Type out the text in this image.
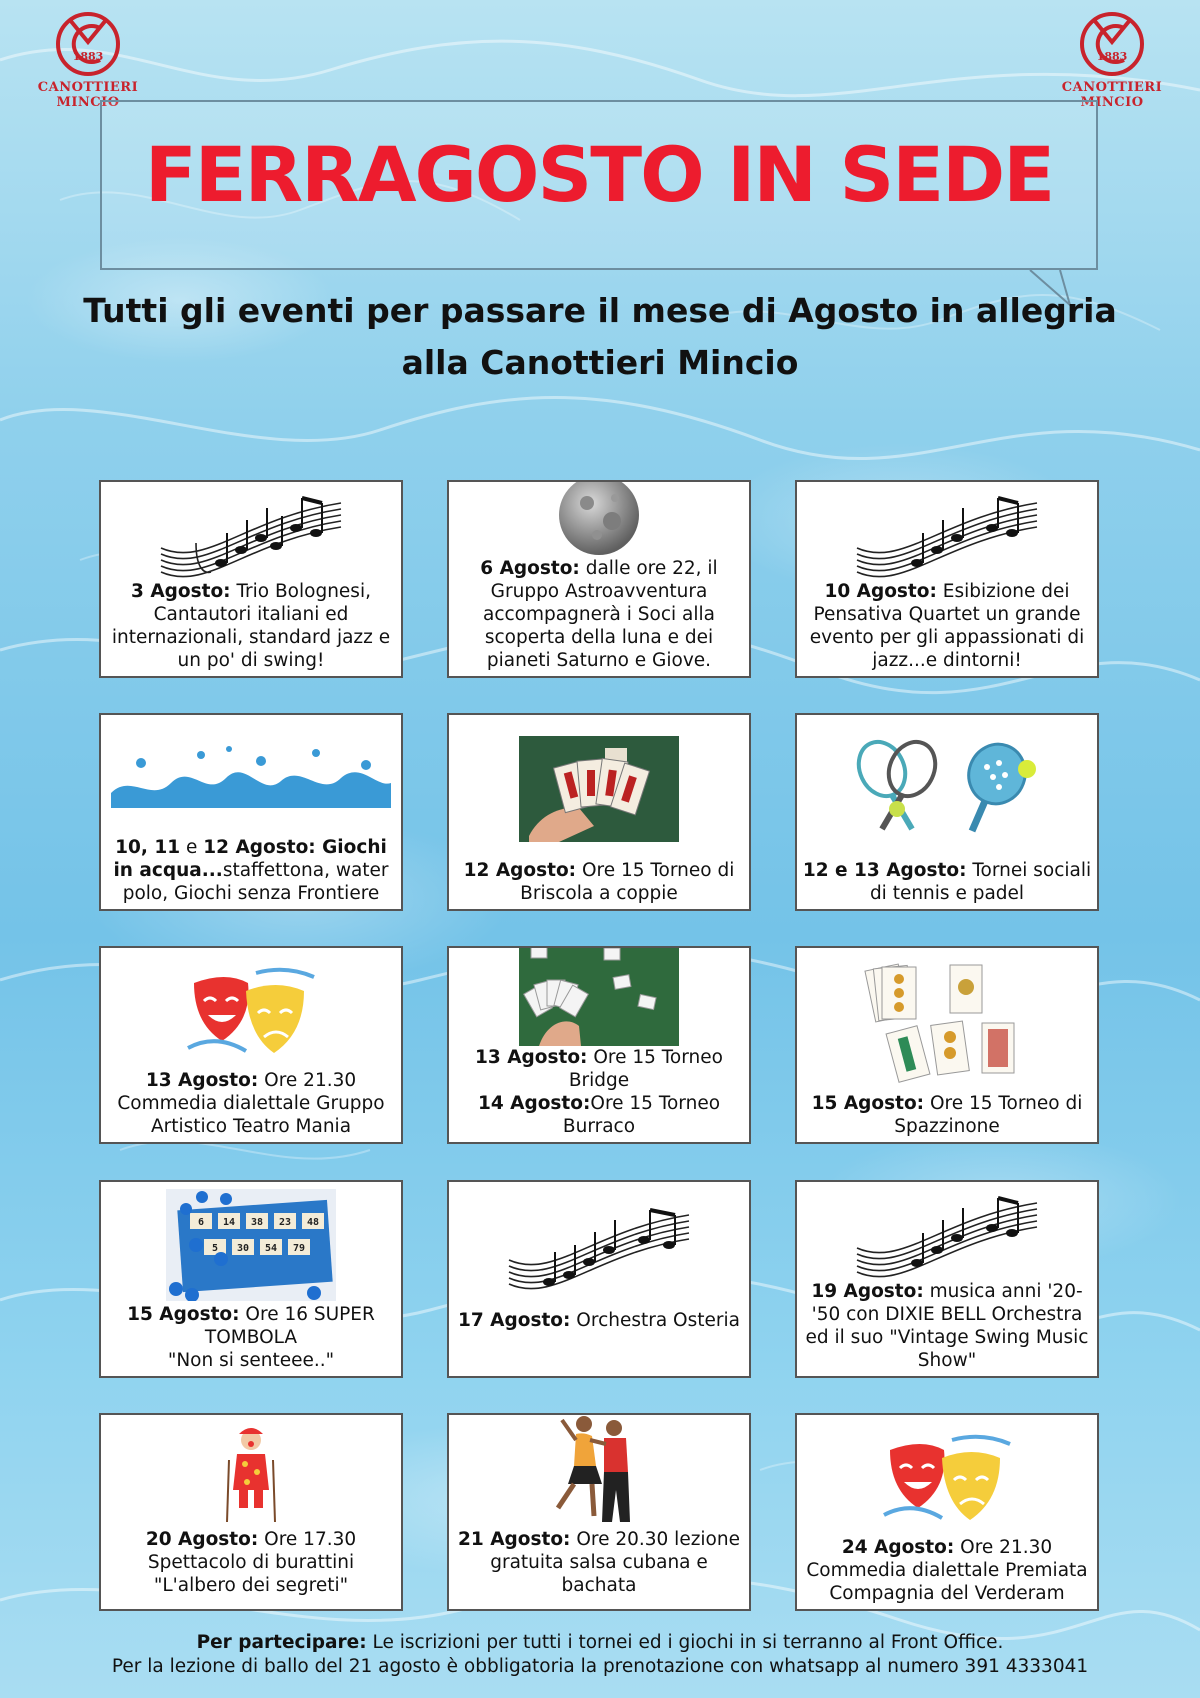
1883
CANOTTIERI MINCIO
1883
CANOTTIERI MINCIO
FERRAGOSTO IN SEDE
Tutti gli eventi per passare il mese di Agosto in allegria
alla Canottieri Mincio
3 Agosto: Trio Bolognesi, Cantautori italiani ed internazionali, standard jazz e un po' di swing!
6 Agosto: dalle ore 22, il Gruppo Astroavventura accompagnerà i Soci alla scoperta della luna e dei pianeti Saturno e Giove.
10 Agosto: Esibizione dei Pensativa Quartet un grande evento per gli appassionati di jazz...e dintorni!
10, 11 e 12 Agosto: Giochi in acqua...staffettona, water polo, Giochi senza Frontiere
12 Agosto: Ore 15 Torneo di Briscola a coppie
12 e 13 Agosto: Tornei sociali di tennis e padel
13 Agosto: Ore 21.30 Commedia dialettale Gruppo Artistico Teatro Mania
13 Agosto: Ore 15 Torneo Bridge
14 Agosto:Ore 15 Torneo Burraco
15 Agosto: Ore 15 Torneo di Spazzinone
6 14 38 23 48
5 30 54 79
15 Agosto: Ore 16 SUPER TOMBOLA
"Non si senteee.."
17 Agosto: Orchestra Osteria
19 Agosto: musica anni '20-'50 con DIXIE BELL Orchestra ed il suo "Vintage Swing Music Show"
20 Agosto: Ore 17.30 Spettacolo di burattini "L'albero dei segreti"
21 Agosto: Ore 20.30 lezione gratuita salsa cubana e bachata
24 Agosto: Ore 21.30 Commedia dialettale Premiata Compagnia del Verderam
Per partecipare: Le iscrizioni per tutti i tornei ed i giochi in si terranno al Front Office.
Per la lezione di ballo del 21 agosto è obbligatoria la prenotazione con whatsapp al numero 391 4333041
